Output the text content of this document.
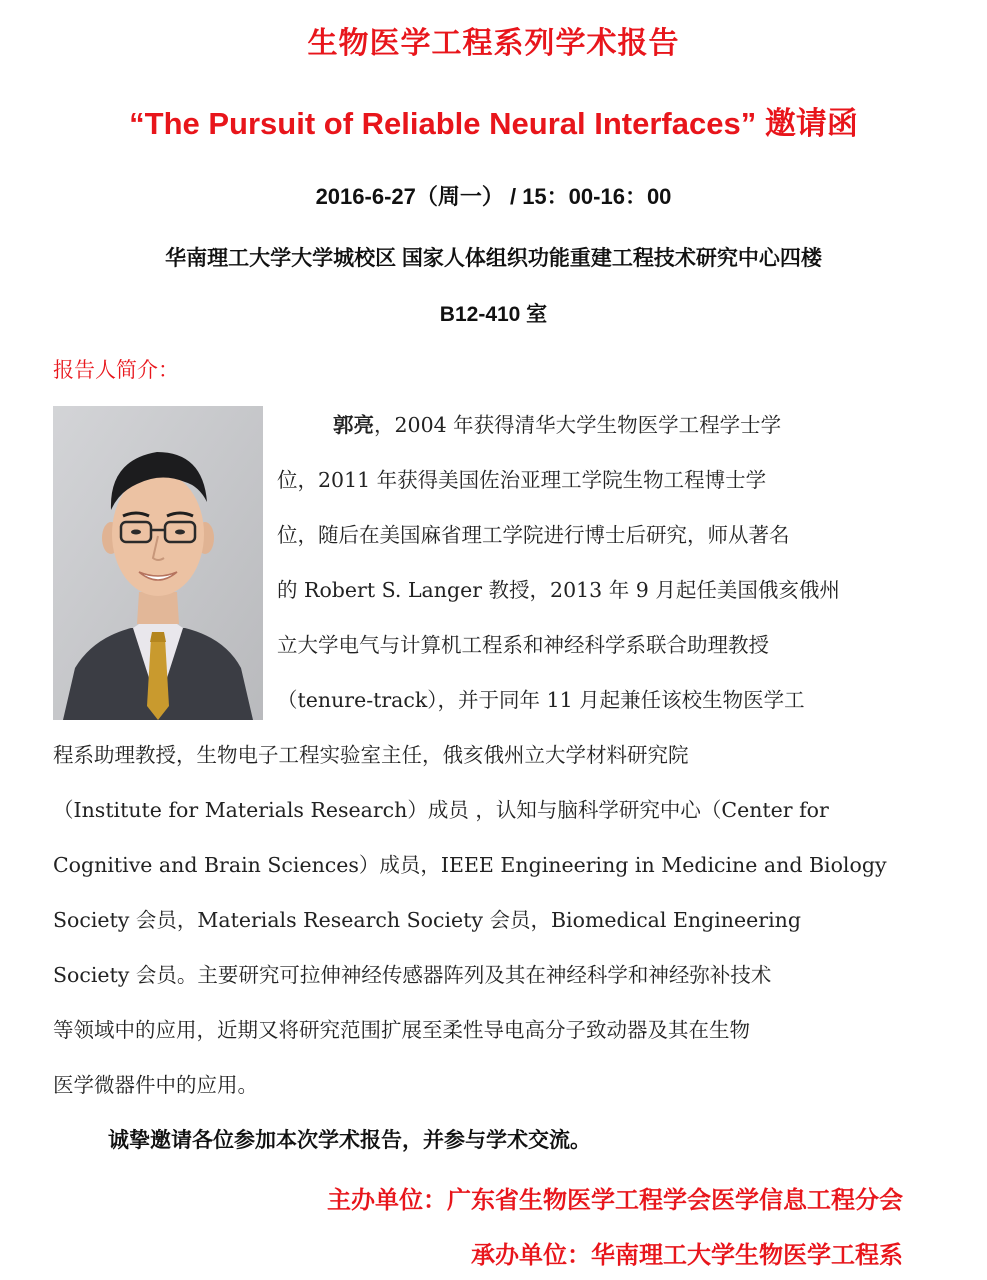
生物医学工程系列学术报告
“The Pursuit of Reliable Neural Interfaces” 邀请函
2016-6-27（周一） / 15：00-16：00
华南理工大学大学城校区 国家人体组织功能重建工程技术研究中心四楼
B12-410 室
报告人简介：
郭亮，2004 年获得清华大学生物医学工程学士学
位，2011 年获得美国佐治亚理工学院生物工程博士学
位，随后在美国麻省理工学院进行博士后研究，师从著名
的 Robert S. Langer 教授，2013 年 9 月起任美国俄亥俄州
立大学电气与计算机工程系和神经科学系联合助理教授
（tenure-track），并于同年 11 月起兼任该校生物医学工
程系助理教授，生物电子工程实验室主任，俄亥俄州立大学材料研究院
（Institute for Materials Research）成员 ，认知与脑科学研究中心（Center for
Cognitive and Brain Sciences）成员，IEEE Engineering in Medicine and Biology
Society 会员，Materials Research Society 会员，Biomedical Engineering
Society 会员。主要研究可拉伸神经传感器阵列及其在神经科学和神经弥补技术
等领域中的应用，近期又将研究范围扩展至柔性导电高分子致动器及其在生物
医学微器件中的应用。
诚挚邀请各位参加本次学术报告，并参与学术交流。
主办单位：广东省生物医学工程学会医学信息工程分会
承办单位：华南理工大学生物医学工程系
